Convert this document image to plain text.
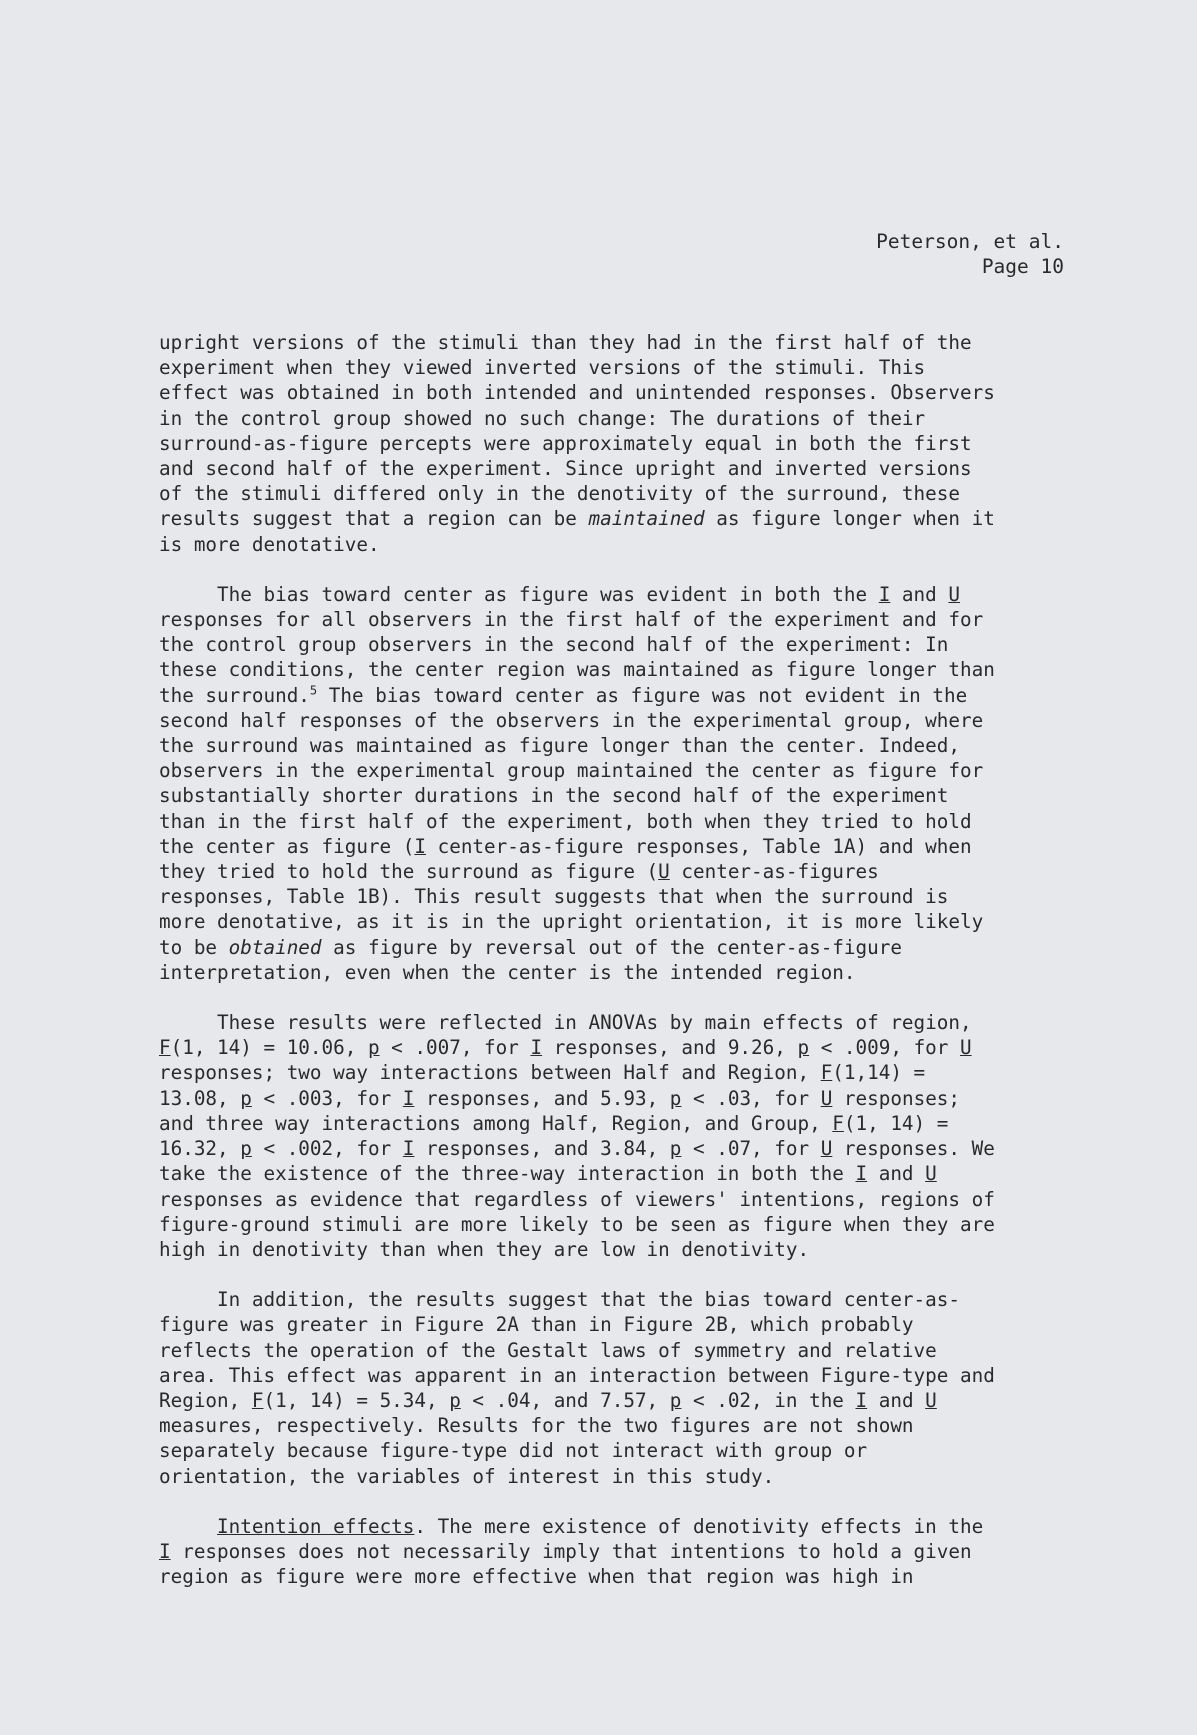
Peterson, et al.
Page 10
upright versions of the stimuli than they had in the first half of the
experiment when they viewed inverted versions of the stimuli. This
effect was obtained in both intended and unintended responses. Observers
in the control group showed no such change: The durations of their
surround-as-figure percepts were approximately equal in both the first
and second half of the experiment. Since upright and inverted versions
of the stimuli differed only in the denotivity of the surround, these
results suggest that a region can be maintained as figure longer when it
is more denotative.
The bias toward center as figure was evident in both the I and U
responses for all observers in the first half of the experiment and for
the control group observers in the second half of the experiment: In
these conditions, the center region was maintained as figure longer than
the surround.$^5$ The bias toward center as figure was not evident in the
second half responses of the observers in the experimental group, where
the surround was maintained as figure longer than the center. Indeed,
observers in the experimental group maintained the center as figure for
substantially shorter durations in the second half of the experiment
than in the first half of the experiment, both when they tried to hold
the center as figure (I center-as-figure responses, Table 1A) and when
they tried to hold the surround as figure (U center-as-figures
responses, Table 1B). This result suggests that when the surround is
more denotative, as it is in the upright orientation, it is more likely
to be obtained as figure by reversal out of the center-as-figure
interpretation, even when the center is the intended region.
These results were reflected in ANOVAs by main effects of region,
F(1, 14) = 10.06, p < .007, for I responses, and 9.26, p < .009, for U
responses; two way interactions between Half and Region, F(1,14) =
13.08, p < .003, for I responses, and 5.93, p < .03, for U responses;
and three way interactions among Half, Region, and Group, F(1, 14) =
16.32, p < .002, for I responses, and 3.84, p < .07, for U responses. We
take the existence of the three-way interaction in both the I and U
responses as evidence that regardless of viewers' intentions, regions of
figure-ground stimuli are more likely to be seen as figure when they are
high in denotivity than when they are low in denotivity.
In addition, the results suggest that the bias toward center-as-
figure was greater in Figure 2A than in Figure 2B, which probably
reflects the operation of the Gestalt laws of symmetry and relative
area. This effect was apparent in an interaction between Figure-type and
Region, F(1, 14) = 5.34, p < .04, and 7.57, p < .02, in the I and U
measures, respectively. Results for the two figures are not shown
separately because figure-type did not interact with group or
orientation, the variables of interest in this study.
Intention effects. The mere existence of denotivity effects in the
I responses does not necessarily imply that intentions to hold a given
region as figure were more effective when that region was high in
